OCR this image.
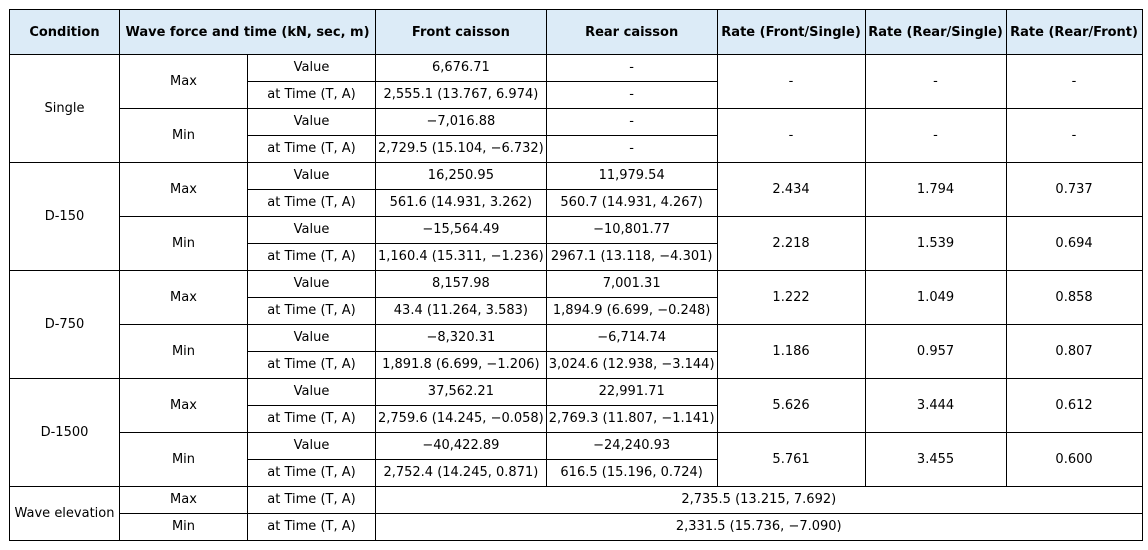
Condition	Wave force and time (kN, sec, m)		Front caisson	Rear caisson	Rate (Front/Single)	Rate (Rear/Single)	Rate (Rear/Front)
Single	Max	Value	6,676.71	-	-	-	-
		at Time (T, A)	2,555.1 (13.767, 6.974)	-			
	Min	Value	−7,016.88	-	-	-	-
		at Time (T, A)	2,729.5 (15.104, −6.732)	-			
D-150	Max	Value	16,250.95	11,979.54	2.434	1.794	0.737
		at Time (T, A)	561.6 (14.931, 3.262)	560.7 (14.931, 4.267)			
	Min	Value	−15,564.49	−10,801.77	2.218	1.539	0.694
		at Time (T, A)	1,160.4 (15.311, −1.236)	2967.1 (13.118, −4.301)			
D-750	Max	Value	8,157.98	7,001.31	1.222	1.049	0.858
		at Time (T, A)	43.4 (11.264, 3.583)	1,894.9 (6.699, −0.248)			
	Min	Value	−8,320.31	−6,714.74	1.186	0.957	0.807
		at Time (T, A)	1,891.8 (6.699, −1.206)	3,024.6 (12.938, −3.144)			
D-1500	Max	Value	37,562.21	22,991.71	5.626	3.444	0.612
		at Time (T, A)	2,759.6 (14.245, −0.058)	2,769.3 (11.807, −1.141)			
	Min	Value	−40,422.89	−24,240.93	5.761	3.455	0.600
		at Time (T, A)	2,752.4 (14.245, 0.871)	616.5 (15.196, 0.724)			
Wave elevation	Max	at Time (T, A)	2,735.5 (13.215, 7.692)				
	Min	at Time (T, A)	2,331.5 (15.736, −7.090)				
